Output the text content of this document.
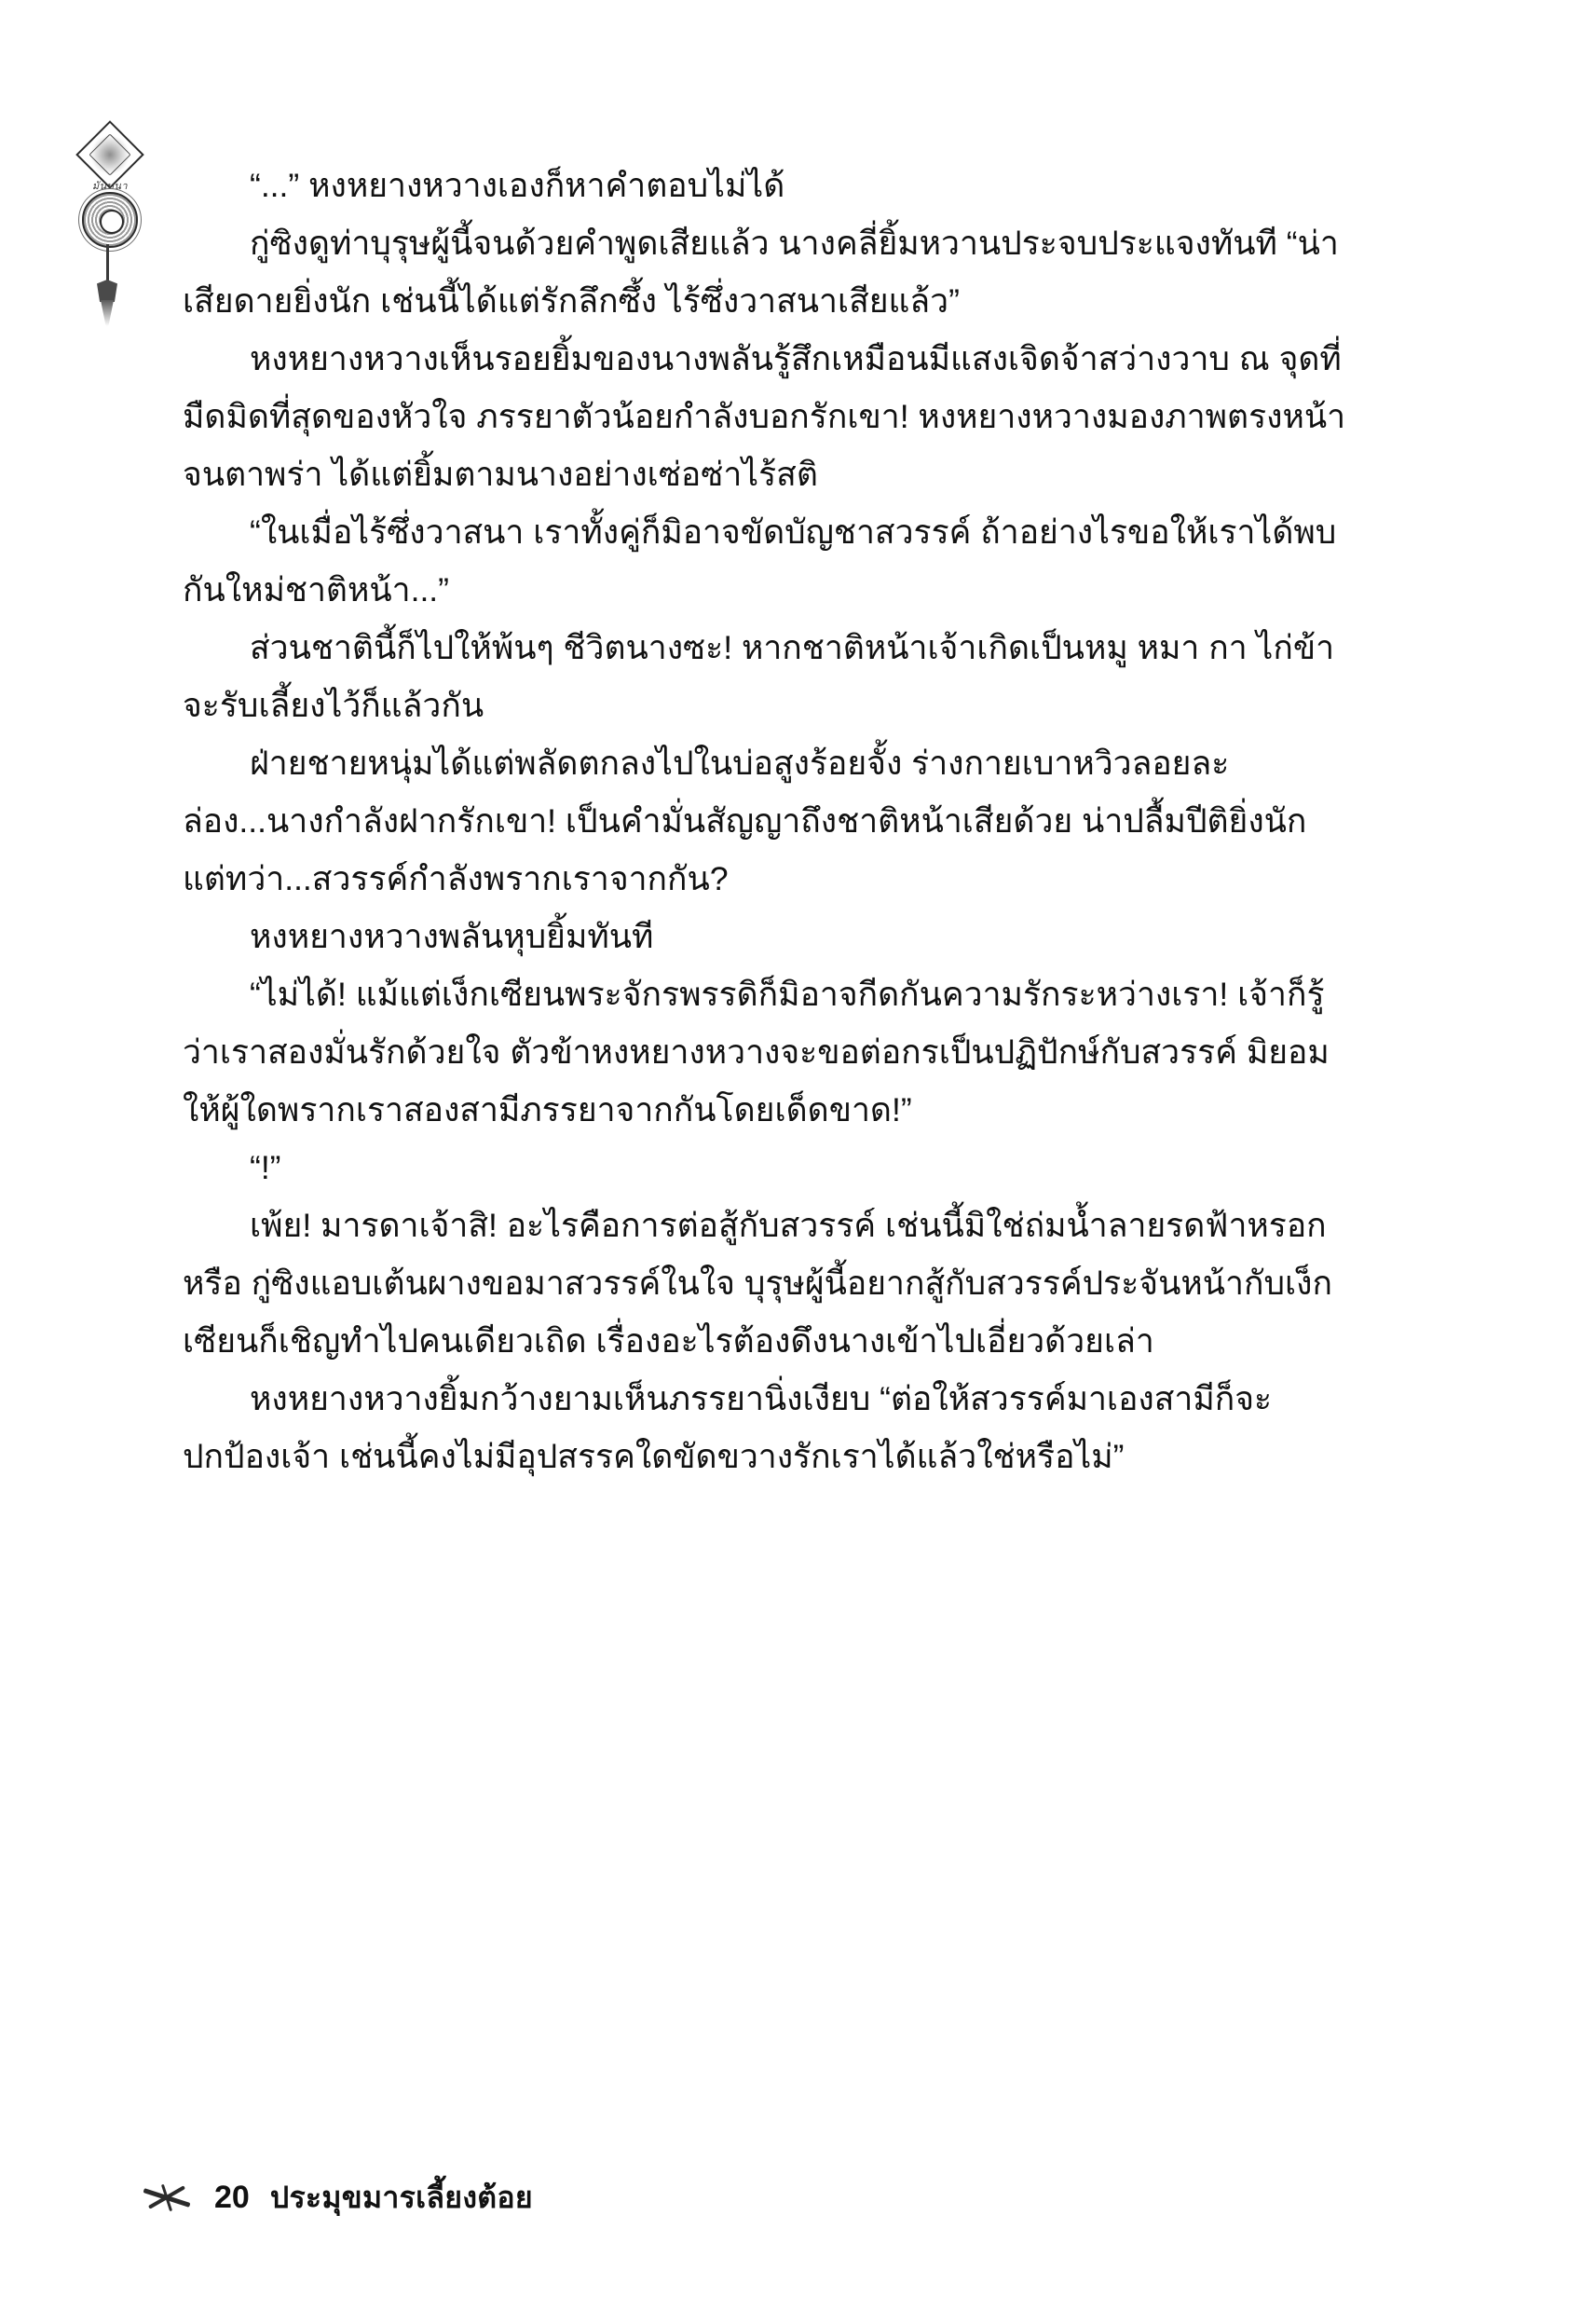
มันทนา	“...” หงหยางหวางเองก็หาคำตอบไม่ได้

กู่ซิงดูท่าบุรุษผู้นี้จนด้วยคำพูดเสียแล้ว นางคลี่ยิ้มหวานประจบประแจงทันที “น่าเสียดายยิ่งนัก เช่นนี้ได้แต่รักลึกซึ้ง ไร้ซึ่งวาสนาเสียแล้ว”

หงหยางหวางเห็นรอยยิ้มของนางพลันรู้สึกเหมือนมีแสงเจิดจ้าสว่างวาบ ณ จุดที่มืดมิดที่สุดของหัวใจ ภรรยาตัวน้อยกำลังบอกรักเขา! หงหยางหวางมองภาพตรงหน้าจนตาพร่า ได้แต่ยิ้มตามนางอย่างเซ่อซ่าไร้สติ

“ในเมื่อไร้ซึ่งวาสนา เราทั้งคู่ก็มิอาจขัดบัญชาสวรรค์ ถ้าอย่างไรขอให้เราได้พบกันใหม่ชาติหน้า...”

ส่วนชาตินี้ก็ไปให้พ้นๆ ชีวิตนางซะ! หากชาติหน้าเจ้าเกิดเป็นหมู หมา กา ไก่ข้าจะรับเลี้ยงไว้ก็แล้วกัน

ฝ่ายชายหนุ่มได้แต่พลัดตกลงไปในบ่อสูงร้อยจั้ง ร่างกายเบาหวิวลอยละล่อง...นางกำลังฝากรักเขา! เป็นคำมั่นสัญญาถึงชาติหน้าเสียด้วย น่าปลื้มปีติยิ่งนัก แต่ทว่า...สวรรค์กำลังพรากเราจากกัน?

หงหยางหวางพลันหุบยิ้มทันที

“ไม่ได้! แม้แต่เง็กเซียนพระจักรพรรดิก็มิอาจกีดกันความรักระหว่างเรา! เจ้าก็รู้ว่าเราสองมั่นรักด้วยใจ ตัวข้าหงหยางหวางจะขอต่อกรเป็นปฏิปักษ์กับสวรรค์ มิยอมให้ผู้ใดพรากเราสองสามีภรรยาจากกันโดยเด็ดขาด!”

“!”

เพ้ย! มารดาเจ้าสิ! อะไรคือการต่อสู้กับสวรรค์ เช่นนี้มิใช่ถ่มน้ำลายรดฟ้าหรอกหรือ กู่ซิงแอบเต้นผางขอมาสวรรค์ในใจ บุรุษผู้นี้อยากสู้กับสวรรค์ประจันหน้ากับเง็กเซียนก็เชิญทำไปคนเดียวเถิด เรื่องอะไรต้องดึงนางเข้าไปเอี่ยวด้วยเล่า

หงหยางหวางยิ้มกว้างยามเห็นภรรยานิ่งเงียบ “ต่อให้สวรรค์มาเองสามีก็จะปกป้องเจ้า เช่นนี้คงไม่มีอุปสรรคใดขัดขวางรักเราได้แล้วใช่หรือไม่”

20 ประมุขมารเลี้ยงต้อย
